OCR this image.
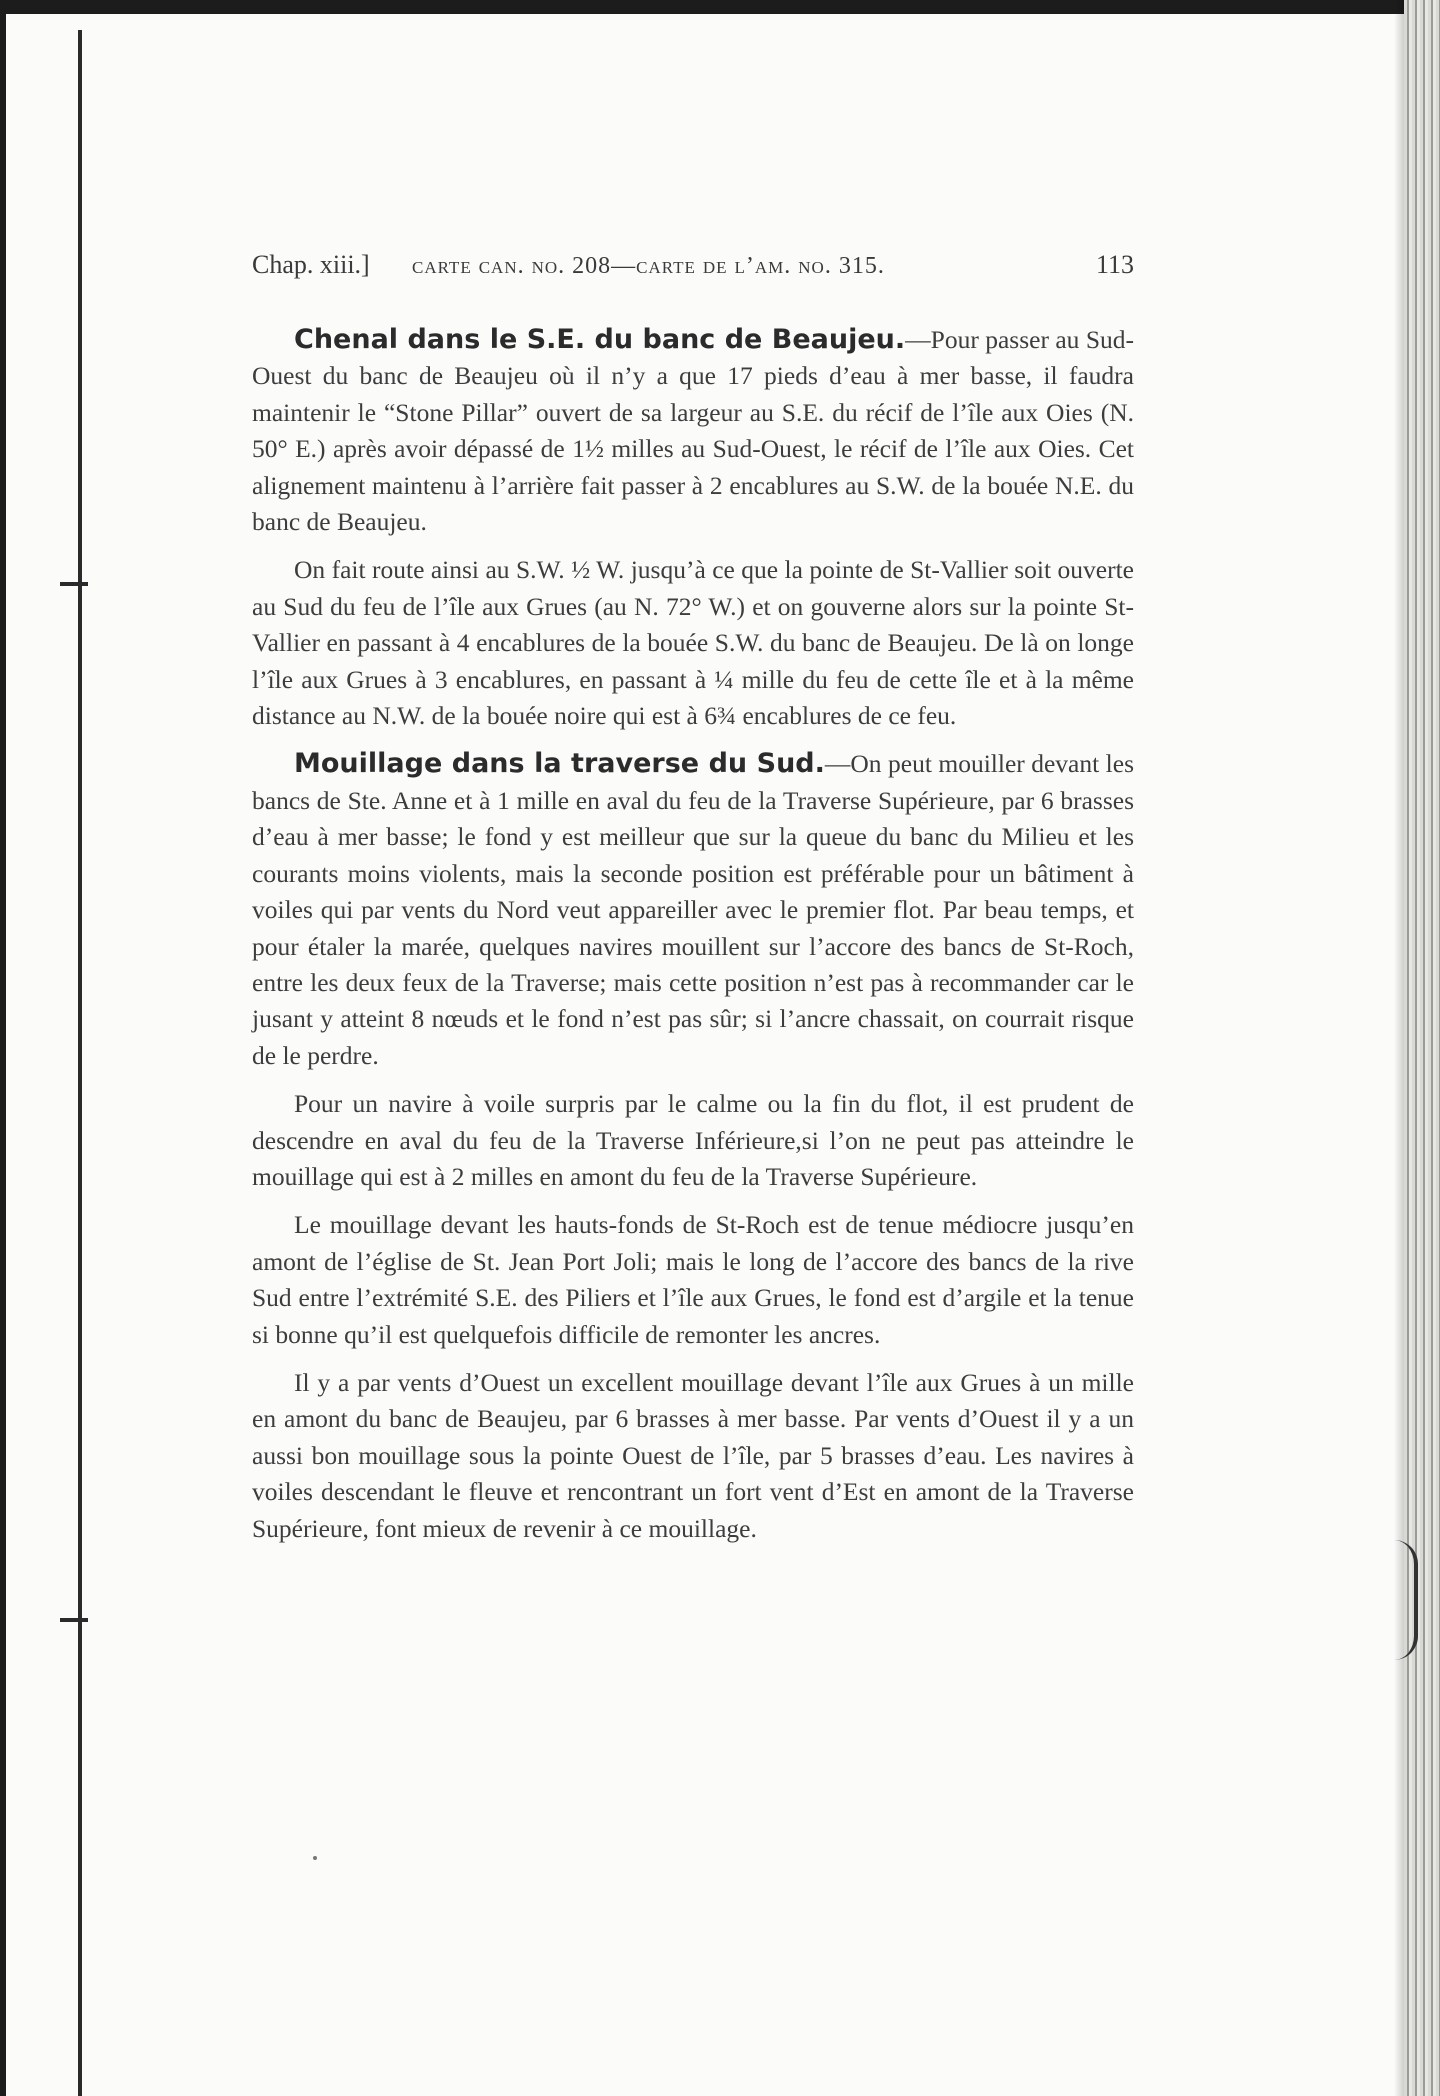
Chap. xiii.] carte can. no. 208—carte de l’am. no. 315.	113

Chenal dans le S.E. du banc de Beaujeu.—Pour passer au Sud-Ouest du banc de Beaujeu où il n’y a que 17 pieds d’eau à mer basse, il faudra maintenir le “Stone Pillar” ouvert de sa largeur au S.E. du récif de l’île aux Oies (N. 50° E.) après avoir dépassé de 1½ milles au Sud-Ouest, le récif de l’île aux Oies. Cet alignement maintenu à l’arrière fait passer à 2 encablures au S.W. de la bouée N.E. du banc de Beaujeu.

On fait route ainsi au S.W. ½ W. jusqu’à ce que la pointe de St-Vallier soit ouverte au Sud du feu de l’île aux Grues (au N. 72° W.) et on gouverne alors sur la pointe St-Vallier en passant à 4 encablures de la bouée S.W. du banc de Beaujeu. De là on longe l’île aux Grues à 3 encablures, en passant à ¼ mille du feu de cette île et à la même distance au N.W. de la bouée noire qui est à 6¾ encablures de ce feu.

Mouillage dans la traverse du Sud.—On peut mouiller devant les bancs de Ste. Anne et à 1 mille en aval du feu de la Traverse Supérieure, par 6 brasses d’eau à mer basse; le fond y est meilleur que sur la queue du banc du Milieu et les courants moins violents, mais la seconde position est préférable pour un bâtiment à voiles qui par vents du Nord veut appareiller avec le premier flot. Par beau temps, et pour étaler la marée, quelques navires mouillent sur l’accore des bancs de St-Roch, entre les deux feux de la Traverse; mais cette position n’est pas à recommander car le jusant y atteint 8 nœuds et le fond n’est pas sûr; si l’ancre chassait, on courrait risque de le perdre.

Pour un navire à voile surpris par le calme ou la fin du flot, il est prudent de descendre en aval du feu de la Traverse Inférieure,si l’on ne peut pas atteindre le mouillage qui est à 2 milles en amont du feu de la Traverse Supérieure.

Le mouillage devant les hauts-fonds de St-Roch est de tenue médiocre jusqu’en amont de l’église de St. Jean Port Joli; mais le long de l’accore des bancs de la rive Sud entre l’extrémité S.E. des Piliers et l’île aux Grues, le fond est d’argile et la tenue si bonne qu’il est quelquefois difficile de remonter les ancres.

Il y a par vents d’Ouest un excellent mouillage devant l’île aux Grues à un mille en amont du banc de Beaujeu, par 6 brasses à mer basse. Par vents d’Ouest il y a un aussi bon mouillage sous la pointe Ouest de l’île, par 5 brasses d’eau. Les navires à voiles descendant le fleuve et rencontrant un fort vent d’Est en amont de la Traverse Supérieure, font mieux de revenir à ce mouillage.
